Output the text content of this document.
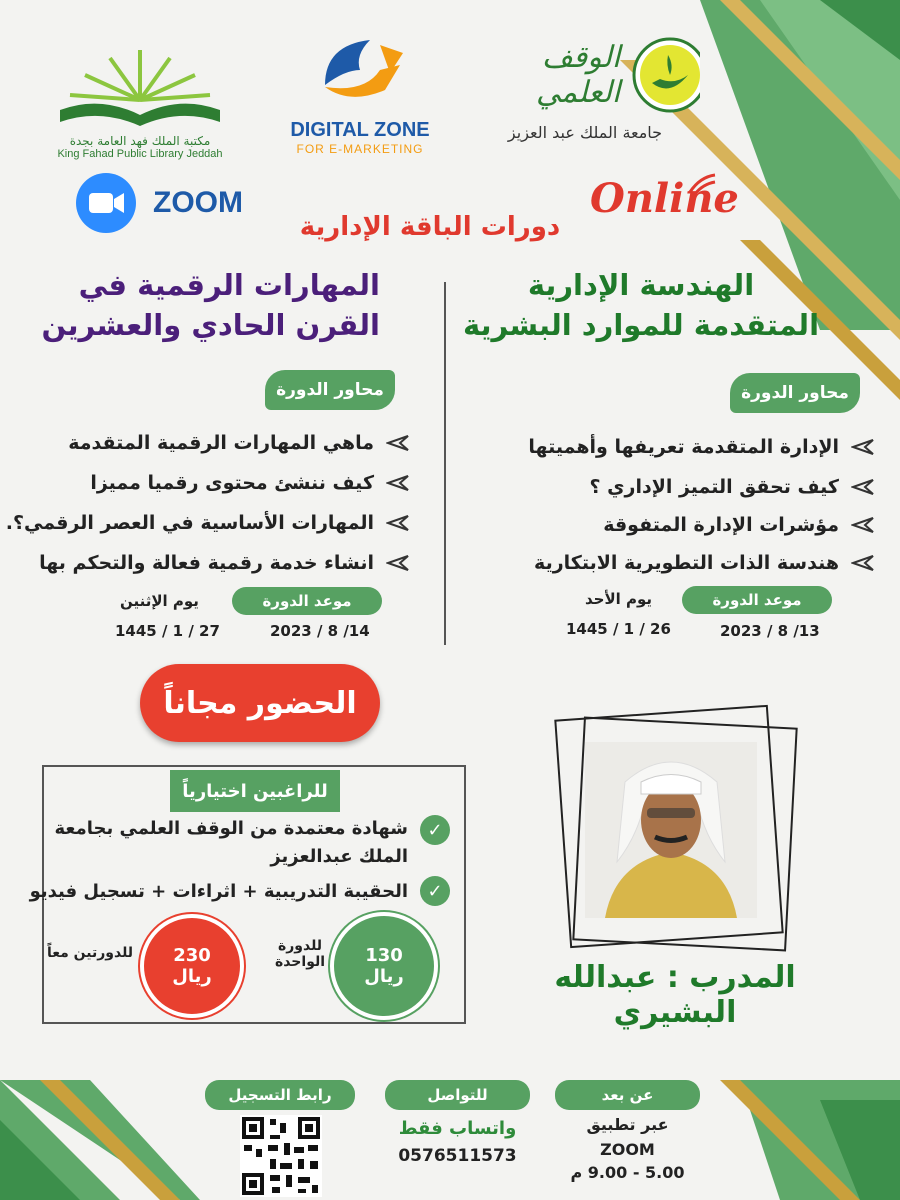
مكتبة الملك فهد العامة بجدة
King Fahad Public Library Jeddah
DIGITAL ZONE
FOR E-MARKETING
الوقف العلمي
جامعة الملك عبد العزيز
ZOOM	Online
دورات الباقة الإدارية
المهارات الرقمية في
القرن الحادي والعشرين
محاور الدورة
ماهي المهارات الرقمية المتقدمة
كيف ننشئ محتوى رقميا مميزا
المهارات الأساسية في العصر الرقمي؟.
انشاء خدمة رقمية فعالة والتحكم بها
موعد الدورة
يوم الإثنين
1445 / 1 / 27	2023 / 8 /14
الهندسة الإدارية
المتقدمة للموارد البشرية
محاور الدورة
الإدارة المتقدمة تعريفها وأهميتها
كيف تحقق التميز الإداري ؟
مؤشرات الإدارة المتفوقة
هندسة الذات التطويرية الابتكارية
موعد الدورة
يوم الأحد
1445 / 1 / 26	2023 / 8 /13
الحضور مجاناً
للراغبين اختيارياً
✓
شهادة معتمدة من الوقف العلمي بجامعة
الملك عبدالعزيز
✓
الحقيبة التدريبية + اثراءات + تسجيل فيديو
130
ريال
للدورة
الواحدة
230
ريال
للدورتين معاً
المدرب : عبدالله البشيري
عن بعد
عبر تطبيق
ZOOM
5.00 - 9.00 م
للتواصل
واتساب فقط
0576511573
رابط التسجيل
